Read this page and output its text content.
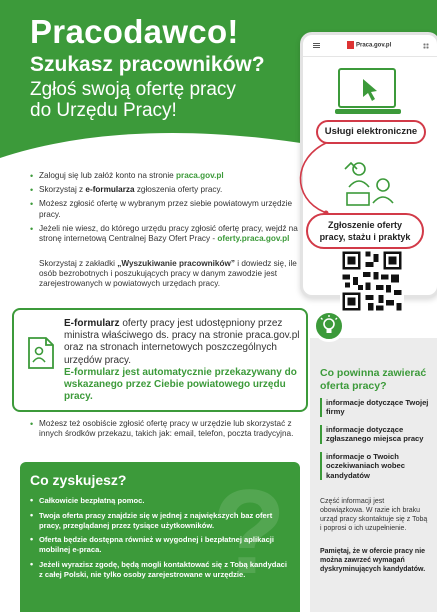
Pracodawco!
Szukasz pracowników?
Zgłoś swoją ofertę pracy
do Urzędu Pracy!
Praca.gov.pl
Usługi elektroniczne
Zgłoszenie oferty
pracy, stażu i praktyk
• Zaloguj się lub załóż konto na stronie praca.gov.pl
• Skorzystaj z e-formularza zgłoszenia oferty pracy.
• Możesz zgłosić ofertę w wybranym przez siebie powiatowym urzędzie pracy.
• Jeżeli nie wiesz, do którego urzędu pracy zgłosić ofertę pracy, wejdź na stronę internetową Centralnej Bazy Ofert Pracy - oferty.praca.gov.pl
Skorzystaj z zakładki „Wyszukiwanie pracowników” i dowiedz się, ile osób bezrobotnych i poszukujących pracy w danym zawodzie jest zarejestrowanych w powiatowych urzędach pracy.
E-formularz oferty pracy jest udostępniony przez ministra właściwego ds. pracy na stronie praca.gov.pl oraz na stronach internetowych poszczególnych urzędów pracy.
E-formularz jest automatycznie przekazywany do wskazanego przez Ciebie powiatowego urzędu pracy.
• Możesz też osobiście zgłosić ofertę pracy w urzędzie lub skorzystać z innych środków przekazu, takich jak: email, telefon, poczta tradycyjna.
?
Co zyskujesz?
• Całkowicie bezpłatną pomoc.
• Twoja oferta pracy znajdzie się w jednej z największych baz ofert pracy, przeglądanej przez tysiące użytkowników.
• Oferta będzie dostępna również w wygodnej i bezpłatnej aplikacji mobilnej e-praca.
• Jeżeli wyrazisz zgodę, będą mogli kontaktować się z Tobą kandydaci z całej Polski, nie tylko osoby zarejestrowane w urzędzie.
Co powinna zawierać oferta pracy?
informacje dotyczące Twojej firmy
informacje dotyczące zgłaszanego miejsca pracy
informacje o Twoich oczekiwaniach wobec kandydatów
Część informacji jest obowiązkowa. W razie ich braku urząd pracy skontaktuje się z Tobą i poprosi o ich uzupełnienie.
Pamiętaj, że w ofercie pracy nie można zawrzeć wymagań dyskryminujących kandydatów.
